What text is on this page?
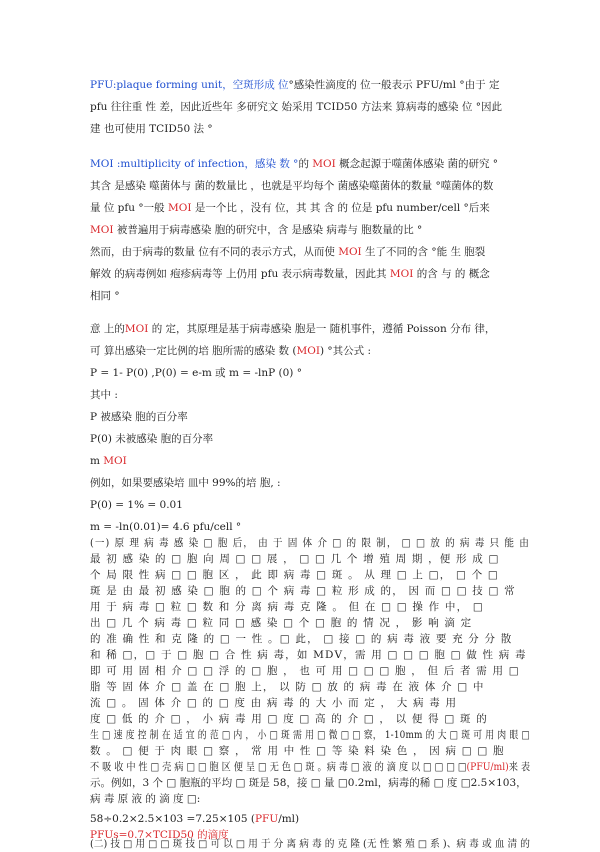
PFU:plaque forming unit，空斑形成 位°感染性滴度的 位一般表示 PFU/ml °由于 定

pfu 往往重 性 差，因此近些年 多研究文 始采用 TCID50 方法来 算病毒的感染 位 °因此

建 也可使用 TCID50 法 °

MOI :multiplicity of infection，感染 数 °的 MOI 概念起源于噬菌体感染 菌的研究 °

其含 是感染 噬菌体与 菌的数量比 ，也就是平均每个 菌感染噬菌体的数量 °噬菌体的数

量 位 pfu °一般 MOI 是一个比 ，没有 位，其 其 含 的 位是 pfu number/cell °后来

MOI 被普遍用于病毒感染 胞的研究中，含 是感染 病毒与 胞数量的比 °

然而，由于病毒的数量 位有不同的表示方式，从而使 MOI 生了不同的含 °能 生 胞裂

解效 的病毒例如 疱疹病毒等 上仍用 pfu 表示病毒数量，因此其 MOI 的含 与 的 概念

相同 °

意 上的MOI 的 定，其原理是基于病毒感染 胞是一 随机事件，遵循 Poisson 分布 律，

可 算出感染一定比例的培 胞所需的感染 数 (MOI) °其公式 :

P = 1- P(0) ,P(0) = e-m 或 m = -lnP (0) °

其中 :

P 被感染 胞的百分率

P(0) 未被感染 胞的百分率

m MOI

例如，如果要感染培 皿中 99%的培 胞, :

P(0) = 1% = 0.01

m = -ln(0.01)= 4.6 pfu/cell °

(一) 原 理 病 毒 感 染 □ 胞 后， 由 于 固 体 介 □ 的 限 制， □ □ 放 的 病 毒 只 能 由

最 初 感 染 的 □ 胞 向 周 □ □ 展 ， □ □ 几 个 增 殖 周 期 ，便 形 成 □

个 局 限 性 病 □ □ 胞 区 ， 此 即 病 毒 □ 斑 。 从 理 □ 上 □， □ 个 □

斑 是 由 最 初 感 染 □ 胞 的 □ 个 病 毒 □ 粒 形 成 的， 因 而 □ □ 技 □ 常

用 于 病 毒 □ 粒 □ 数 和 分 离 病 毒 克 隆 。 但 在 □ □ 操 作 中， □

出 □ 几 个 病 毒 □ 粒 同 □ 感 染 □ 个 □ 胞 的 情 况 ， 影 响 滴 定

的 准 确 性 和 克 隆 的 □ 一 性 。□ 此， □ 接 □ 的 病 毒 液 要 充 分 分 散

和 稀 □，□ 于 □ 胞 □ 合 性 病 毒，如 MDV，需 用 □ □ □ 胞 □ 做 性 病 毒

即 可 用 固 相 介 □ □ 浮 的 □ 胞 ， 也 可 用 □ □ □ 胞 ， 但 后 者 需 用 □

脂 等 固 体 介 □ 盖 在 □ 胞 上， 以 防 □ 放 的 病 毒 在 液 体 介 □ 中

流 □ 。 固 体 介 □ 的 □ 度 由 病 毒 的 大 小 而 定 ， 大 病 毒 用

度 □ 低 的 介 □ ， 小 病 毒 用 □ 度 □ 高 的 介 □ ， 以 便 得 □ 斑 的

生 □ 速 度 控 制 在 适 宜 的 范 □ 内 ， 小 □ 斑 需 用 □ 微 □ □ 察， 1-10mm 的 大 □ 斑 可 用 肉 眼 □

数 。 □ 便 于 肉 眼 □ 察 ， 常 用 中 性 □ 等 染 料 染 色 ， 因 病 □ □ 胞

不 吸 收 中 性 □ 壳 病 □ □ 胞 区 便 呈 □ 无 色 □ 斑 。病 毒 □ 液 的 滴 度 以 □ □ □ □(PFU/ml)来 表

示。例如，3 个 □ 胞瓶的平均 □ 斑是 58，接 □ 量 □0.2ml，病毒的稀 □ 度 □2.5×103，

病 毒 原 液 的 滴 度 □:

58÷0.2×2.5×103 =7.25×105 (PFU/ml)

PFUs=0.7×TCID50 的滴度

(二) 技 □ 用 □ □ 斑 技 □ 可 以 □ 用 于 分 离 病 毒 的 克 隆 (无 性 繁 殖 □ 系 )、病 毒 或 血 清 的
